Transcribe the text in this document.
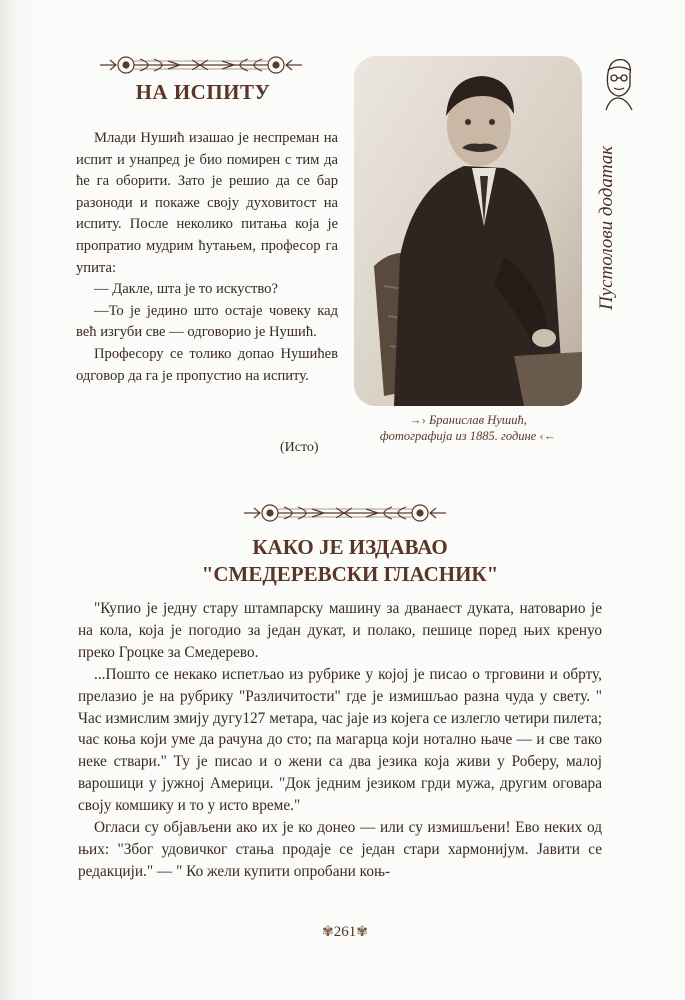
НА ИСПИТУ

Млади Нушић изашао је неспреман на испит и унапред је био помирен с тим да ће га оборити. Зато је решио да се бар разоноди и покаже своју духовитост на испиту. После неколико питања која је пропратио мудрим ћутањем, професор га упита:

— Дакле, шта је то искуство?

—То је једино што остаје човеку кад већ изгуби све — одговорио је Нушић.

Професору се толико допао Нушићев одговор да га је пропустио на испиту.

(Исто)
→› Бранислав Нушић,
фотографија из 1885. године ‹←
Пустолови додатак
КАКО ЈЕ ИЗДАВАО
"СМЕДЕРЕВСКИ ГЛАСНИК"

"Купио је једну стару штампарску машину за дванаест дуката, натоварио је на кола, која је погодио за један дукат, и полако, пешице поред њих кренуо преко Гроцке за Смедерево.

...Пошто се некако испетљао из рубрике у којој је писао о трговини и обрту, прелазио је на рубрику "Различитости" где је измишљао разна чуда у свету. " Час измислим змију дугу127 метара, час јаје из којега се излегло четири пилета; час коња који уме да рачуна до сто; па магарца који нотално њаче — и све тако неке ствари." Ту је писао и о жени са два језика која живи у Роберу, малој варошици у јужној Америци. "Док једним језиком грди мужа, другим оговара своју комшику и то у исто време."

Огласи су објављени ако их је ко донео — или су измишљени! Ево неких од њих: "Због удовичког стања продаје се један стари хармонијум. Јавити се редакцији." — " Ко жели купити опробани коњ-

✾261✾
